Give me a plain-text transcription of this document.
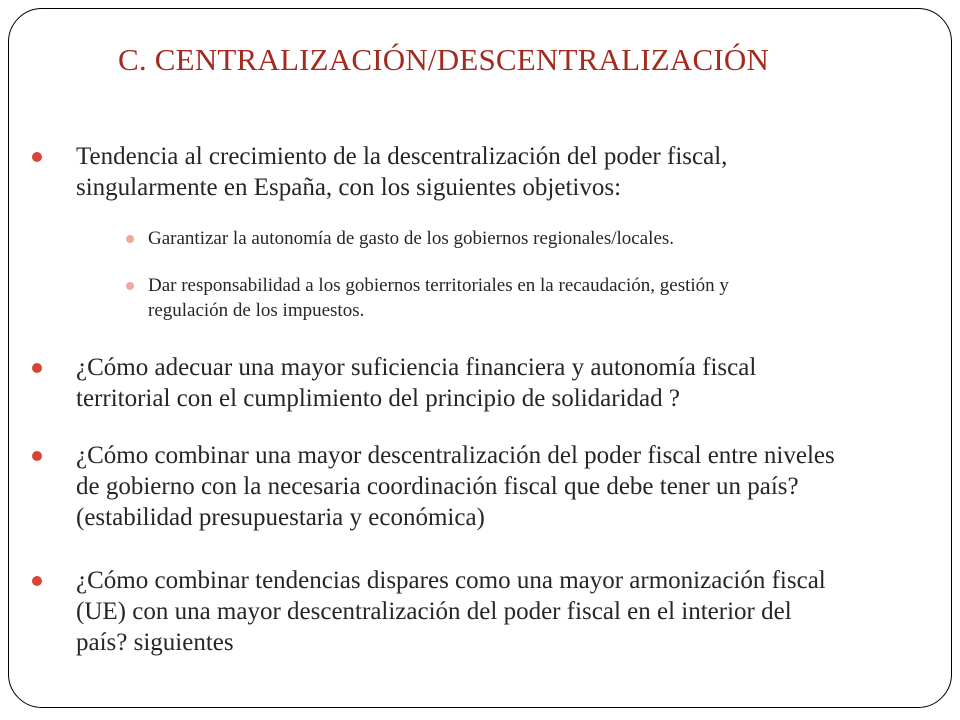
C. CENTRALIZACIÓN/DESCENTRALIZACIÓN
Tendencia al crecimiento de la descentralización del poder fiscal,
singularmente en España, con los siguientes objetivos:
Garantizar la autonomía de gasto de los gobiernos regionales/locales.
Dar responsabilidad a los gobiernos territoriales en la recaudación, gestión y
regulación de los impuestos.
¿Cómo adecuar una mayor suficiencia financiera y autonomía fiscal
territorial con el cumplimiento del principio de solidaridad ?
¿Cómo combinar una mayor descentralización del poder fiscal entre niveles
de gobierno con la necesaria coordinación fiscal que debe tener un país?
(estabilidad presupuestaria y económica)
¿Cómo combinar tendencias dispares como una mayor armonización fiscal
(UE) con una mayor descentralización del poder fiscal en el interior del
país? siguientes
